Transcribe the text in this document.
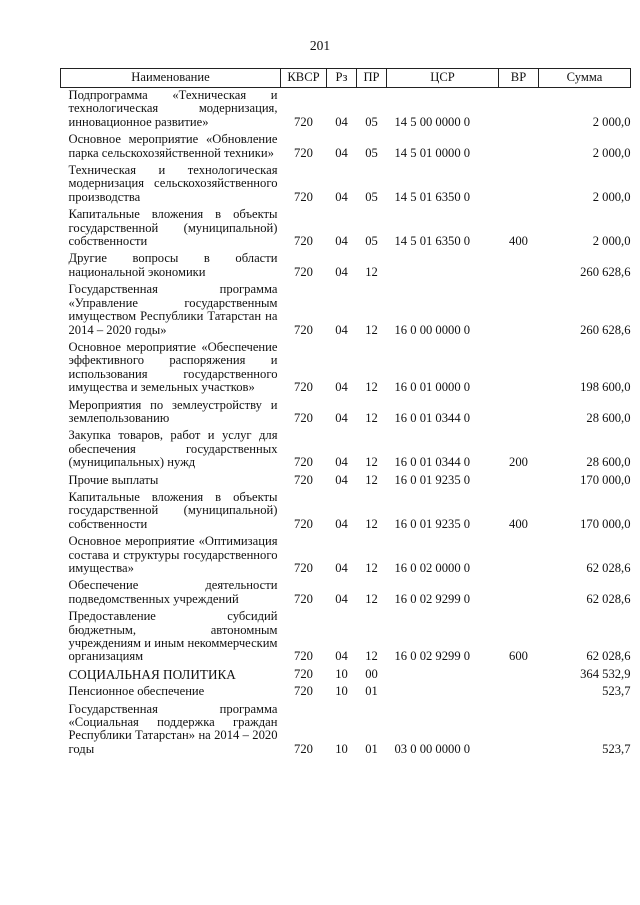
201
Наименование	КВСР	Рз	ПР	ЦСР	ВР	Сумма
Подпрограмма «Техническая и технологическая модернизация, инновационное развитие»	720	04	05	14 5 00 0000 0		2 000,0
Основное мероприятие «Обновление парка сельскохозяйственной техники»	720	04	05	14 5 01 0000 0		2 000,0
Техническая и технологическая модернизация сельскохозяйственного производства	720	04	05	14 5 01 6350 0		2 000,0
Капитальные вложения в объекты государственной (муниципальной) собственности	720	04	05	14 5 01 6350 0	400	2 000,0
Другие вопросы в области национальной экономики	720	04	12			260 628,6
Государственная программа «Управление государственным имуществом Республики Татарстан на 2014 – 2020 годы»	720	04	12	16 0 00 0000 0		260 628,6
Основное мероприятие «Обеспечение эффективного распоряжения и использования государственного имущества и земельных участков»	720	04	12	16 0 01 0000 0		198 600,0
Мероприятия по землеустройству и землепользованию	720	04	12	16 0 01 0344 0		28 600,0
Закупка товаров, работ и услуг для обеспечения государственных (муниципальных) нужд	720	04	12	16 0 01 0344 0	200	28 600,0
Прочие выплаты	720	04	12	16 0 01 9235 0		170 000,0
Капитальные вложения в объекты государственной (муниципальной) собственности	720	04	12	16 0 01 9235 0	400	170 000,0
Основное мероприятие «Оптимизация состава и структуры государственного имущества»	720	04	12	16 0 02 0000 0		62 028,6
Обеспечение деятельности подведомственных учреждений	720	04	12	16 0 02 9299 0		62 028,6
Предоставление субсидий бюджетным, автономным учреждениям и иным некоммерческим организациям	720	04	12	16 0 02 9299 0	600	62 028,6
СОЦИАЛЬНАЯ ПОЛИТИКА	720	10	00			364 532,9
Пенсионное обеспечение	720	10	01			523,7
Государственная программа «Социальная поддержка граждан Республики Татарстан» на 2014 – 2020 годы	720	10	01	03 0 00 0000 0		523,7
